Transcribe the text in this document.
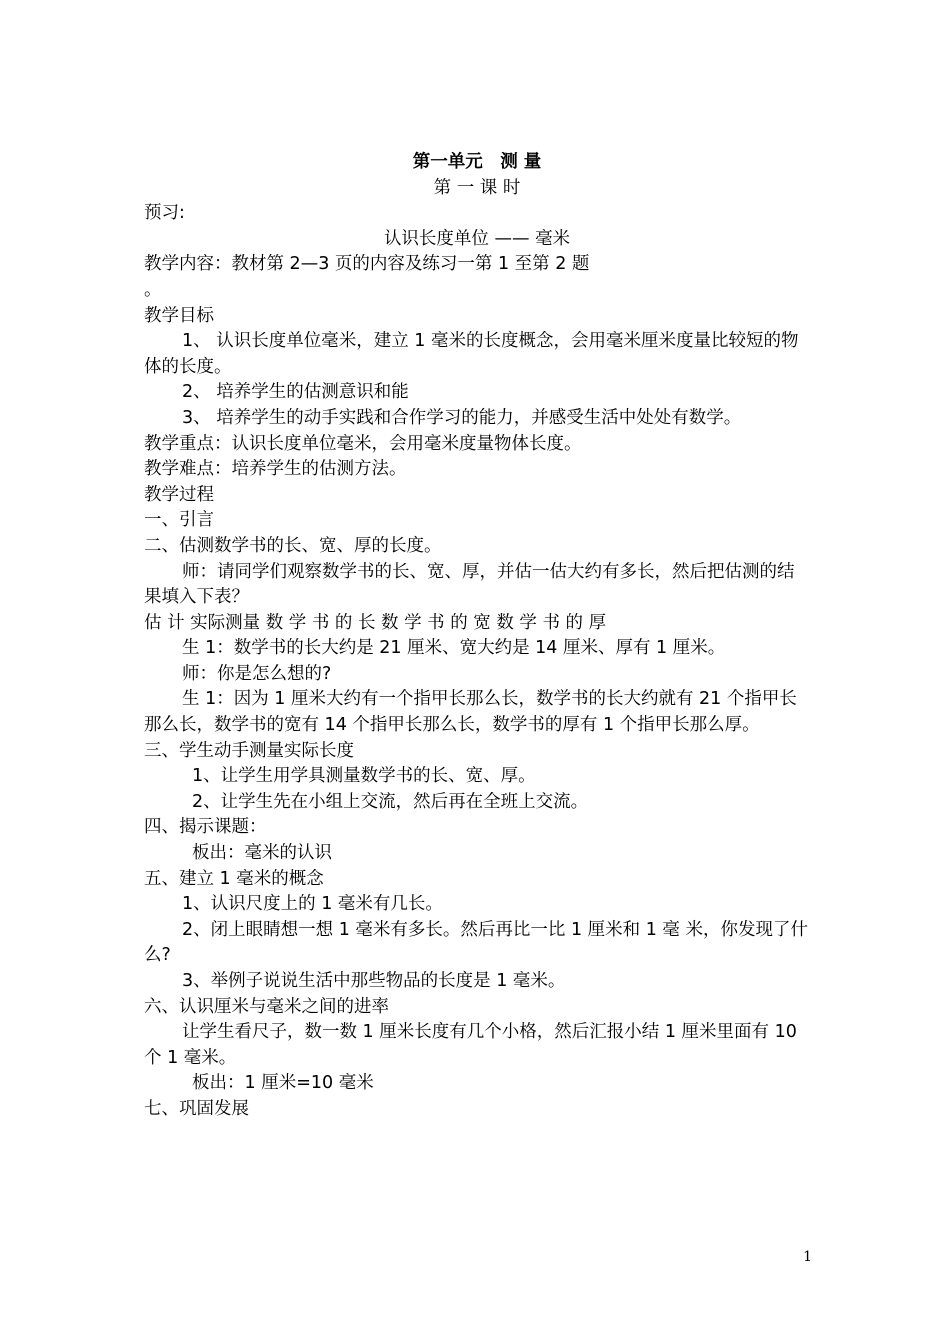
第一单元　测 量
第 一 课 时
预习:
认识长度单位 —— 毫米
教学内容：教材第 2—3 页的内容及练习一第 1 至第 2 题
。
教学目标

1、 认识长度单位毫米，建立 1 毫米的长度概念，会用毫米厘米度量比较短的物体的长度。

2、 培养学生的估测意识和能
3、 培养学生的动手实践和合作学习的能力，并感受生活中处处有数学。
教学重点：认识长度单位毫米，会用毫米度量物体长度。
教学难点：培养学生的估测方法。
教学过程
一、引言
二、估测数学书的长、宽、厚的长度。

师：请同学们观察数学书的长、宽、厚，并估一估大约有多长，然后把估测的结果填入下表？

估 计 实际测量 数 学 书 的 长 数 学 书 的 宽 数 学 书 的 厚
生 1：数学书的长大约是 21 厘米、宽大约是 14 厘米、厚有 1 厘米。
师：你是怎么想的?

生 1：因为 1 厘米大约有一个指甲长那么长，数学书的长大约就有 21 个指甲长那么长，数学书的宽有 14 个指甲长那么长，数学书的厚有 1 个指甲长那么厚。

三、学生动手测量实际长度
1、让学生用学具测量数学书的长、宽、厚。
2、让学生先在小组上交流，然后再在全班上交流。
四、揭示课题：
板出：毫米的认识
五、建立 1 毫米的概念
1、认识尺度上的 1 毫米有几长。

2、闭上眼睛想一想 1 毫米有多长。然后再比一比 1 厘米和 1 毫 米，你发现了什么?

3、举例子说说生活中那些物品的长度是 1 毫米。
六、认识厘米与毫米之间的进率

让学生看尺子，数一数 1 厘米长度有几个小格，然后汇报小结 1 厘米里面有 10 个 1 毫米。

板出：1 厘米=10 毫米
七、巩固发展
1
